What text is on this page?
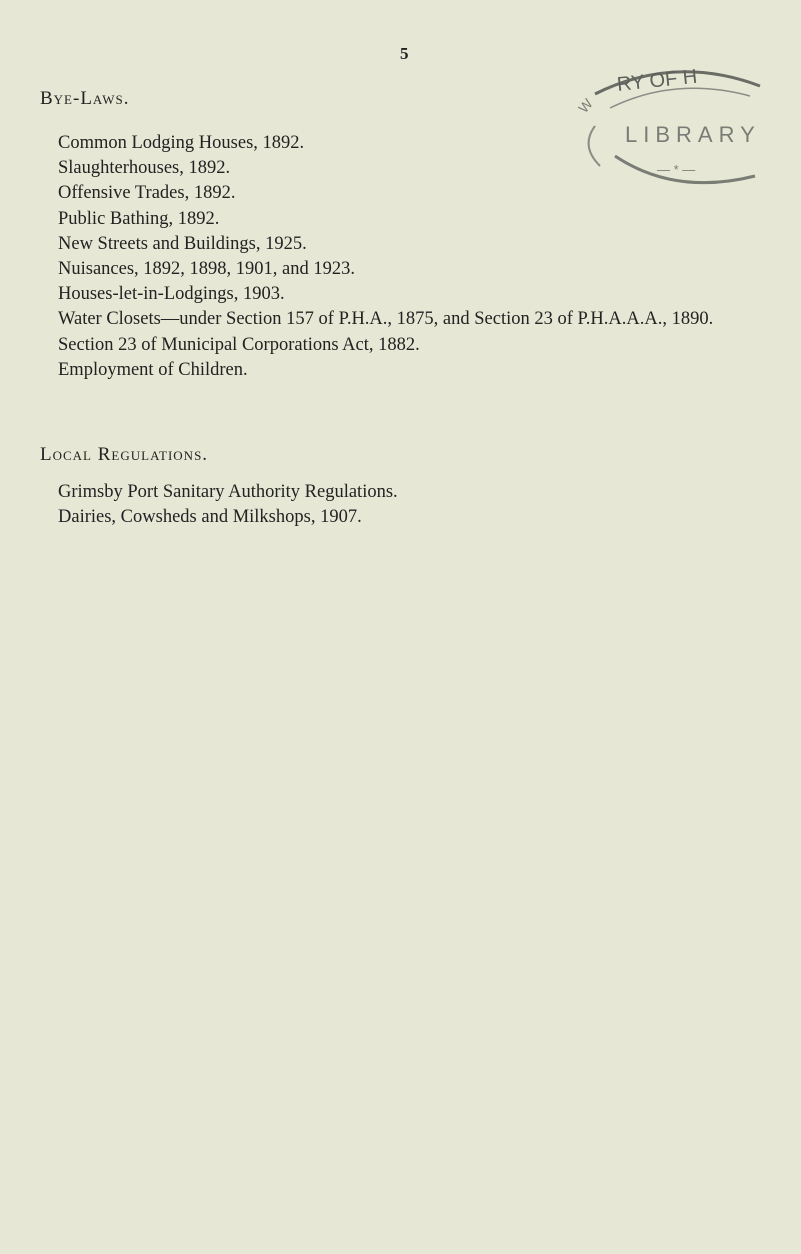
5
RY OF H
W
LIBRARY
— * —
Bye-Laws.
Common Lodging Houses, 1892.
Slaughterhouses, 1892.
Offensive Trades, 1892.
Public Bathing, 1892.
New Streets and Buildings, 1925.
Nuisances, 1892, 1898, 1901, and 1923.
Houses-let-in-Lodgings, 1903.
Water Closets—under Section 157 of P.H.A., 1875, and Section 23 of P.H.A.A.A., 1890.
Section 23 of Municipal Corporations Act, 1882.
Employment of Children.
Local Regulations.
Grimsby Port Sanitary Authority Regulations.
Dairies, Cowsheds and Milkshops, 1907.
